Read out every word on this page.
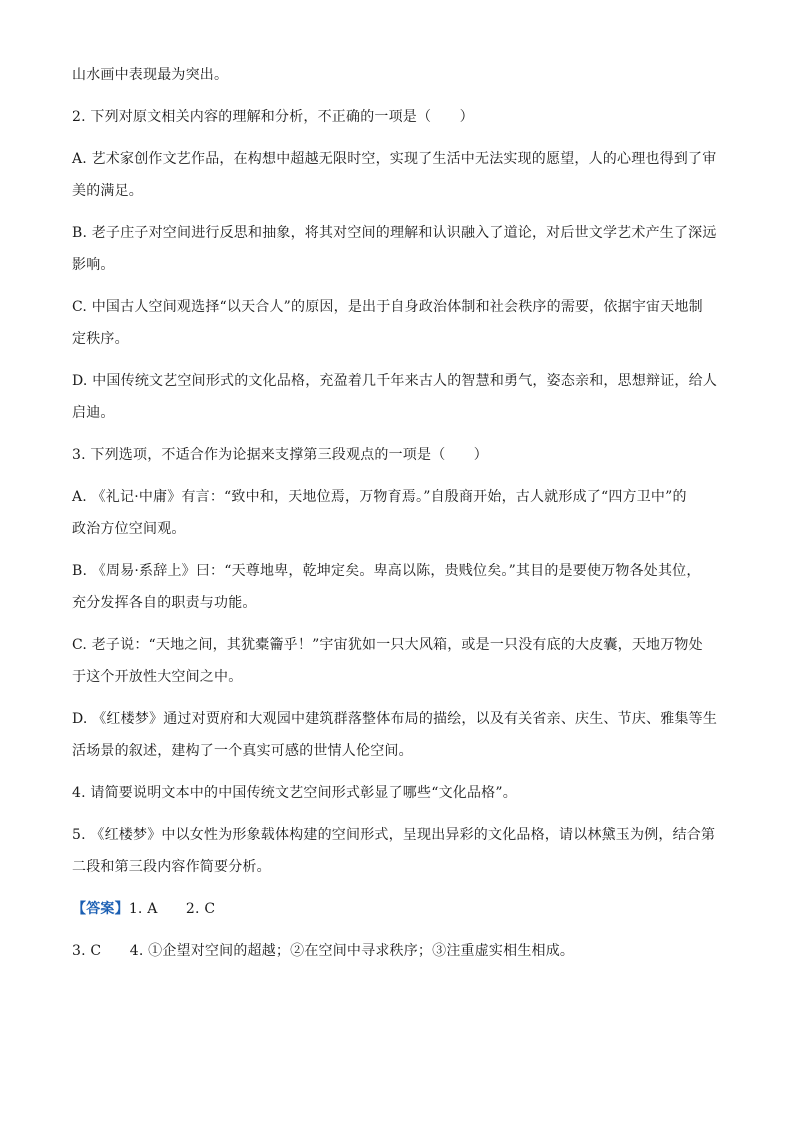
山水画中表现最为突出。
2. 下列对原文相关内容的理解和分析，不正确的一项是（　　）
A. 艺术家创作文艺作品，在构想中超越无限时空，实现了生活中无法实现的愿望，人的心理也得到了审
美的满足。
B. 老子庄子对空间进行反思和抽象，将其对空间的理解和认识融入了道论，对后世文学艺术产生了深远
影响。
C. 中国古人空间观选择“以天合人”的原因，是出于自身政治体制和社会秩序的需要，依据宇宙天地制
定秩序。
D. 中国传统文艺空间形式的文化品格，充盈着几千年来古人的智慧和勇气，姿态亲和，思想辩证，给人
启迪。
3. 下列选项，不适合作为论据来支撑第三段观点的一项是（　　）
A. 《礼记·中庸》有言：“致中和，天地位焉，万物育焉。”自殷商开始，古人就形成了“四方卫中”的
政治方位空间观。
B. 《周易·系辞上》曰：“天尊地卑，乾坤定矣。卑高以陈，贵贱位矣。”其目的是要使万物各处其位，
充分发挥各自的职责与功能。
C. 老子说：“天地之间，其犹橐籥乎！”宇宙犹如一只大风箱，或是一只没有底的大皮囊，天地万物处
于这个开放性大空间之中。
D. 《红楼梦》通过对贾府和大观园中建筑群落整体布局的描绘，以及有关省亲、庆生、节庆、雅集等生
活场景的叙述，建构了一个真实可感的世情人伦空间。
4. 请简要说明文本中的中国传统文艺空间形式彰显了哪些“文化品格”。
5. 《红楼梦》中以女性为形象载体构建的空间形式，呈现出异彩的文化品格，请以林黛玉为例，结合第
二段和第三段内容作简要分析。
【答案】1. A　　2. C
3. C　　4. ①企望对空间的超越；②在空间中寻求秩序；③注重虚实相生相成。
